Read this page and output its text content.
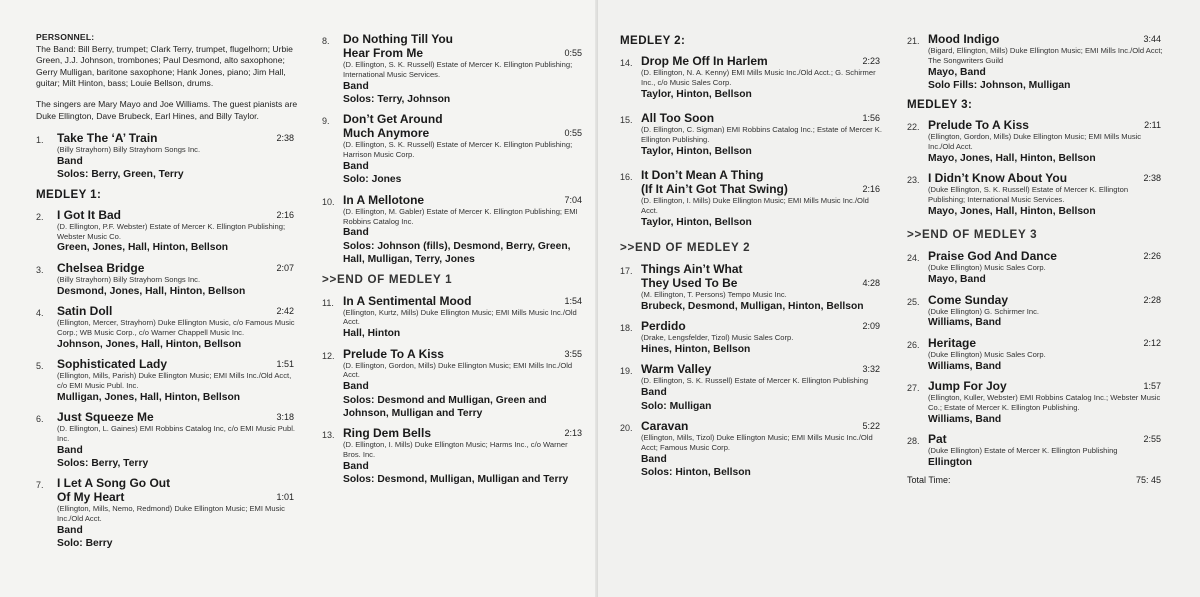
PERSONNEL:

The Band: Bill Berry, trumpet; Clark Terry, trumpet, flugelhorn; Urbie Green, J.J. Johnson, trombones; Paul Desmond, alto saxophone; Gerry Mulligan, baritone saxophone; Hank Jones, piano; Jim Hall, guitar; Milt Hinton, bass; Louie Bellson, drums.

The singers are Mary Mayo and Joe Williams. The guest pianists are Duke Ellington, Dave Brubeck, Earl Hines, and Billy Taylor.

1. Take The ‘A’ Train	2:38
(Billy Strayhorn) Billy Strayhorn Songs Inc.
Band
Solos: Berry, Green, Terry
MEDLEY 1:
2. I Got It Bad	2:16
(D. Ellington, P.F. Webster) Estate of Mercer K. Ellington Publishing; Webster Music Co.
Green, Jones, Hall, Hinton, Bellson
3. Chelsea Bridge	2:07
(Billy Strayhorn) Billy Strayhorn Songs Inc.
Desmond, Jones, Hall, Hinton, Bellson
4. Satin Doll	2:42
(Ellington, Mercer, Strayhorn) Duke Ellington Music, c/o Famous Music Corp.; WB Music Corp., c/o Warner Chappell Music Inc.
Johnson, Jones, Hall, Hinton, Bellson
5. Sophisticated Lady	1:51
(Ellington, Mills, Parish) Duke Ellington Music; EMI Mills Inc./Old Acct, c/o EMI Music Publ. Inc.
Mulligan, Jones, Hall, Hinton, Bellson
6. Just Squeeze Me	3:18
(D. Ellington, L. Gaines) EMI Robbins Catalog Inc, c/o EMI Music Publ. Inc.
Band
Solos: Berry, Terry
7. I Let A Song Go Out
Of My Heart	1:01
(Ellington, Mills, Nemo, Redmond) Duke Ellington Music; EMI Music Inc./Old Acct.
Band
Solo: Berry
8. Do Nothing Till You
Hear From Me	0:55
(D. Ellington, S. K. Russell) Estate of Mercer K. Ellington Publishing; International Music Services.
Band
Solos: Terry, Johnson
9. Don’t Get Around
Much Anymore	0:55
(D. Ellington, S. K. Russell) Estate of Mercer K. Ellington Publishing; Harrison Music Corp.
Band
Solo: Jones
10. In A Mellotone	7:04
(D. Ellington, M. Gabler) Estate of Mercer K. Ellington Publishing; EMI Robbins Catalog Inc.
Band
Solos: Johnson (fills), Desmond, Berry, Green, Hall, Mulligan, Terry, Jones
>>END OF MEDLEY 1
11. In A Sentimental Mood	1:54
(Ellington, Kurtz, Mills) Duke Ellington Music; EMI Mills Music Inc./Old Acct.
Hall, Hinton
12. Prelude To A Kiss	3:55
(D. Ellington, Gordon, Mills) Duke Ellington Music; EMI Mills Inc./Old Acct.
Band
Solos: Desmond and Mulligan, Green and Johnson, Mulligan and Terry
13. Ring Dem Bells	2:13
(D. Ellington, I. Mills) Duke Ellington Music; Harms Inc., c/o Warner Bros. Inc.
Band
Solos: Desmond, Mulligan, Mulligan and Terry
MEDLEY 2:
14. Drop Me Off In Harlem	2:23
(D. Ellington, N. A. Kenny) EMI Mills Music Inc./Old Acct.; G. Schirmer Inc., c/o Music Sales Corp.
Taylor, Hinton, Bellson
15. All Too Soon	1:56
(D. Ellington, C. Sigman) EMI Robbins Catalog Inc.; Estate of Mercer K. Ellington Publishing.
Taylor, Hinton, Bellson
16. It Don’t Mean A Thing
(If It Ain’t Got That Swing)	2:16
(D. Ellington, I. Mills) Duke Ellington Music; EMI Mills Music Inc./Old Acct.
Taylor, Hinton, Bellson
>>END OF MEDLEY 2
17. Things Ain’t What
They Used To Be	4:28
(M. Ellington, T. Persons) Tempo Music Inc.
Brubeck, Desmond, Mulligan, Hinton, Bellson
18. Perdido	2:09
(Drake, Lengsfelder, Tizol) Music Sales Corp.
Hines, Hinton, Bellson
19. Warm Valley	3:32
(D. Ellington, S. K. Russell) Estate of Mercer K. Ellington Publishing
Band
Solo: Mulligan
20. Caravan	5:22
(Ellington, Mills, Tizol) Duke Ellington Music; EMI Mills Music Inc./Old Acct; Famous Music Corp.
Band
Solos: Hinton, Bellson
21. Mood Indigo	3:44
(Bigard, Ellington, Mills) Duke Ellington Music; EMI Mills Inc./Old Acct; The Songwriters Guild
Mayo, Band
Solo Fills: Johnson, Mulligan
MEDLEY 3:
22. Prelude To A Kiss	2:11
(Ellington, Gordon, Mills) Duke Ellington Music; EMI Mills Music Inc./Old Acct.
Mayo, Jones, Hall, Hinton, Bellson
23. I Didn’t Know About You	2:38
(Duke Ellington, S. K. Russell) Estate of Mercer K. Ellington Publishing; International Music Services.
Mayo, Jones, Hall, Hinton, Bellson
>>END OF MEDLEY 3
24. Praise God And Dance	2:26
(Duke Ellington) Music Sales Corp.
Mayo, Band
25. Come Sunday	2:28
(Duke Ellington) G. Schirmer Inc.
Williams, Band
26. Heritage	2:12
(Duke Ellington) Music Sales Corp.
Williams, Band
27. Jump For Joy	1:57
(Ellington, Kuller, Webster) EMI Robbins Catalog Inc.; Webster Music Co.; Estate of Mercer K. Ellington Publishing.
Williams, Band
28. Pat	2:55
(Duke Ellington) Estate of Mercer K. Ellington Publishing
Ellington
Total Time:	75: 45
